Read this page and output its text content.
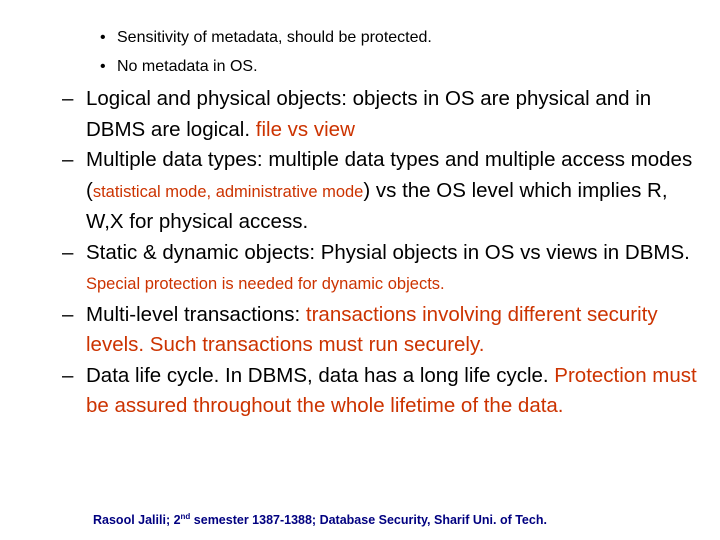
• Sensitivity of metadata, should be protected.

• No metadata in OS.

– Logical and physical objects: objects in OS are physical and in DBMS are logical. file vs view
– Multiple data types: multiple data types and multiple access modes (statistical mode, administrative mode) vs the OS level which implies R, W,X for physical access.
– Static & dynamic objects: Physial objects in OS vs views in DBMS. Special protection is needed for dynamic objects.
– Multi-level transactions: transactions involving different security levels. Such transactions must run securely.
– Data life cycle. In DBMS, data has a long life cycle. Protection must be assured throughout the whole lifetime of the data.
Rasool Jalili; 2nd semester 1387-1388; Database Security, Sharif Uni. of Tech.
